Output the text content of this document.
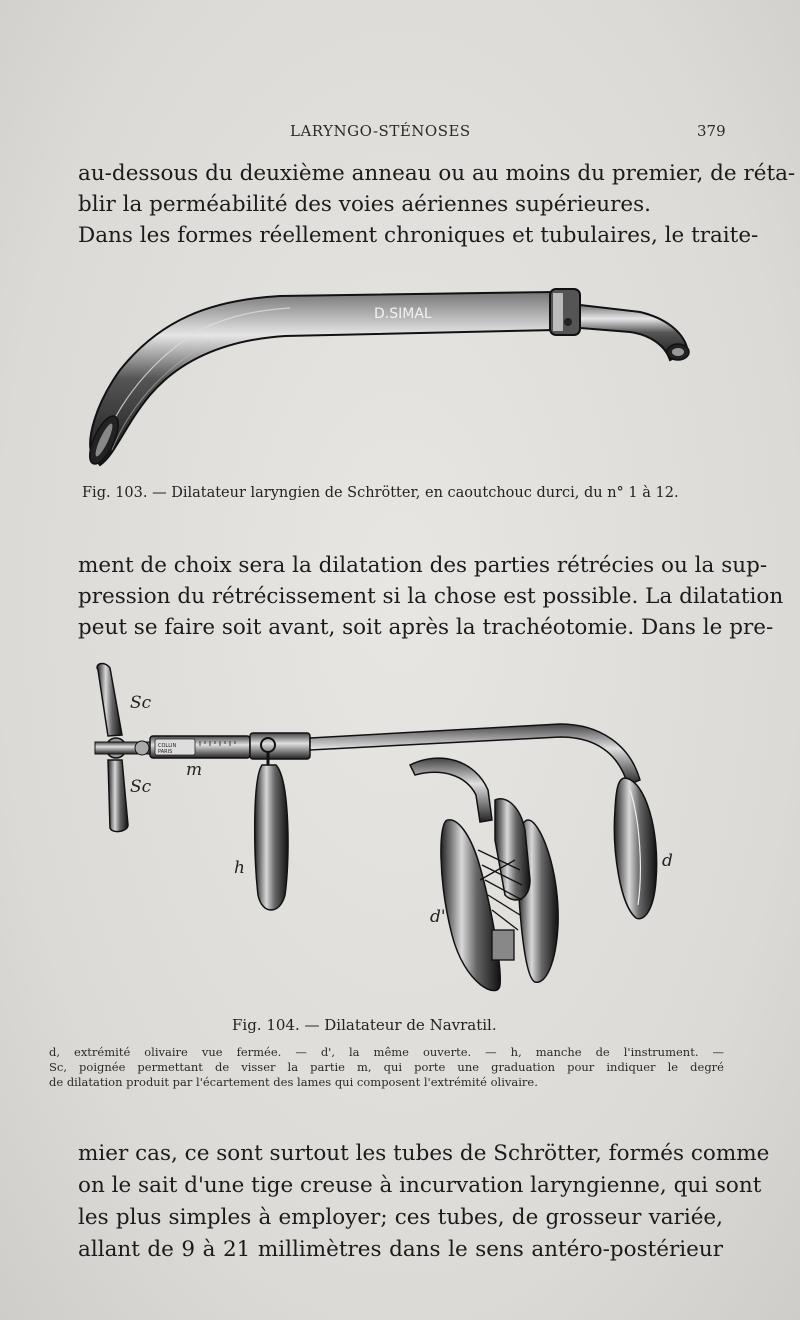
LARYNGO-STÉNOSES	379
au-dessous du deuxième anneau ou au moins du premier, de réta-
blir la perméabilité des voies aériennes supérieures.
Dans les formes réellement chroniques et tubulaires, le traite-
D.SIMAL
Fig. 103. — Dilatateur laryngien de Schrötter, en caoutchouc durci, du n° 1 à 12.
ment de choix sera la dilatation des parties rétrécies ou la sup-
pression du rétrécissement si la chose est possible. La dilatation
peut se faire soit avant, soit après la trachéotomie. Dans le pre-
COLLIN
PARIS
Sc
Sc
m
h	d
d'
Fig. 104. — Dilatateur de Navratil.
d, extrémité olivaire vue fermée. — d', la même ouverte. — h, manche de l'instrument. —
Sc, poignée permettant de visser la partie m, qui porte une graduation pour indiquer le degré
de dilatation produit par l'écartement des lames qui composent l'extrémité olivaire.
mier cas, ce sont surtout les tubes de Schrötter, formés comme
on le sait d'une tige creuse à incurvation laryngienne, qui sont
les plus simples à employer; ces tubes, de grosseur variée,
allant de 9 à 21 millimètres dans le sens antéro-postérieur
